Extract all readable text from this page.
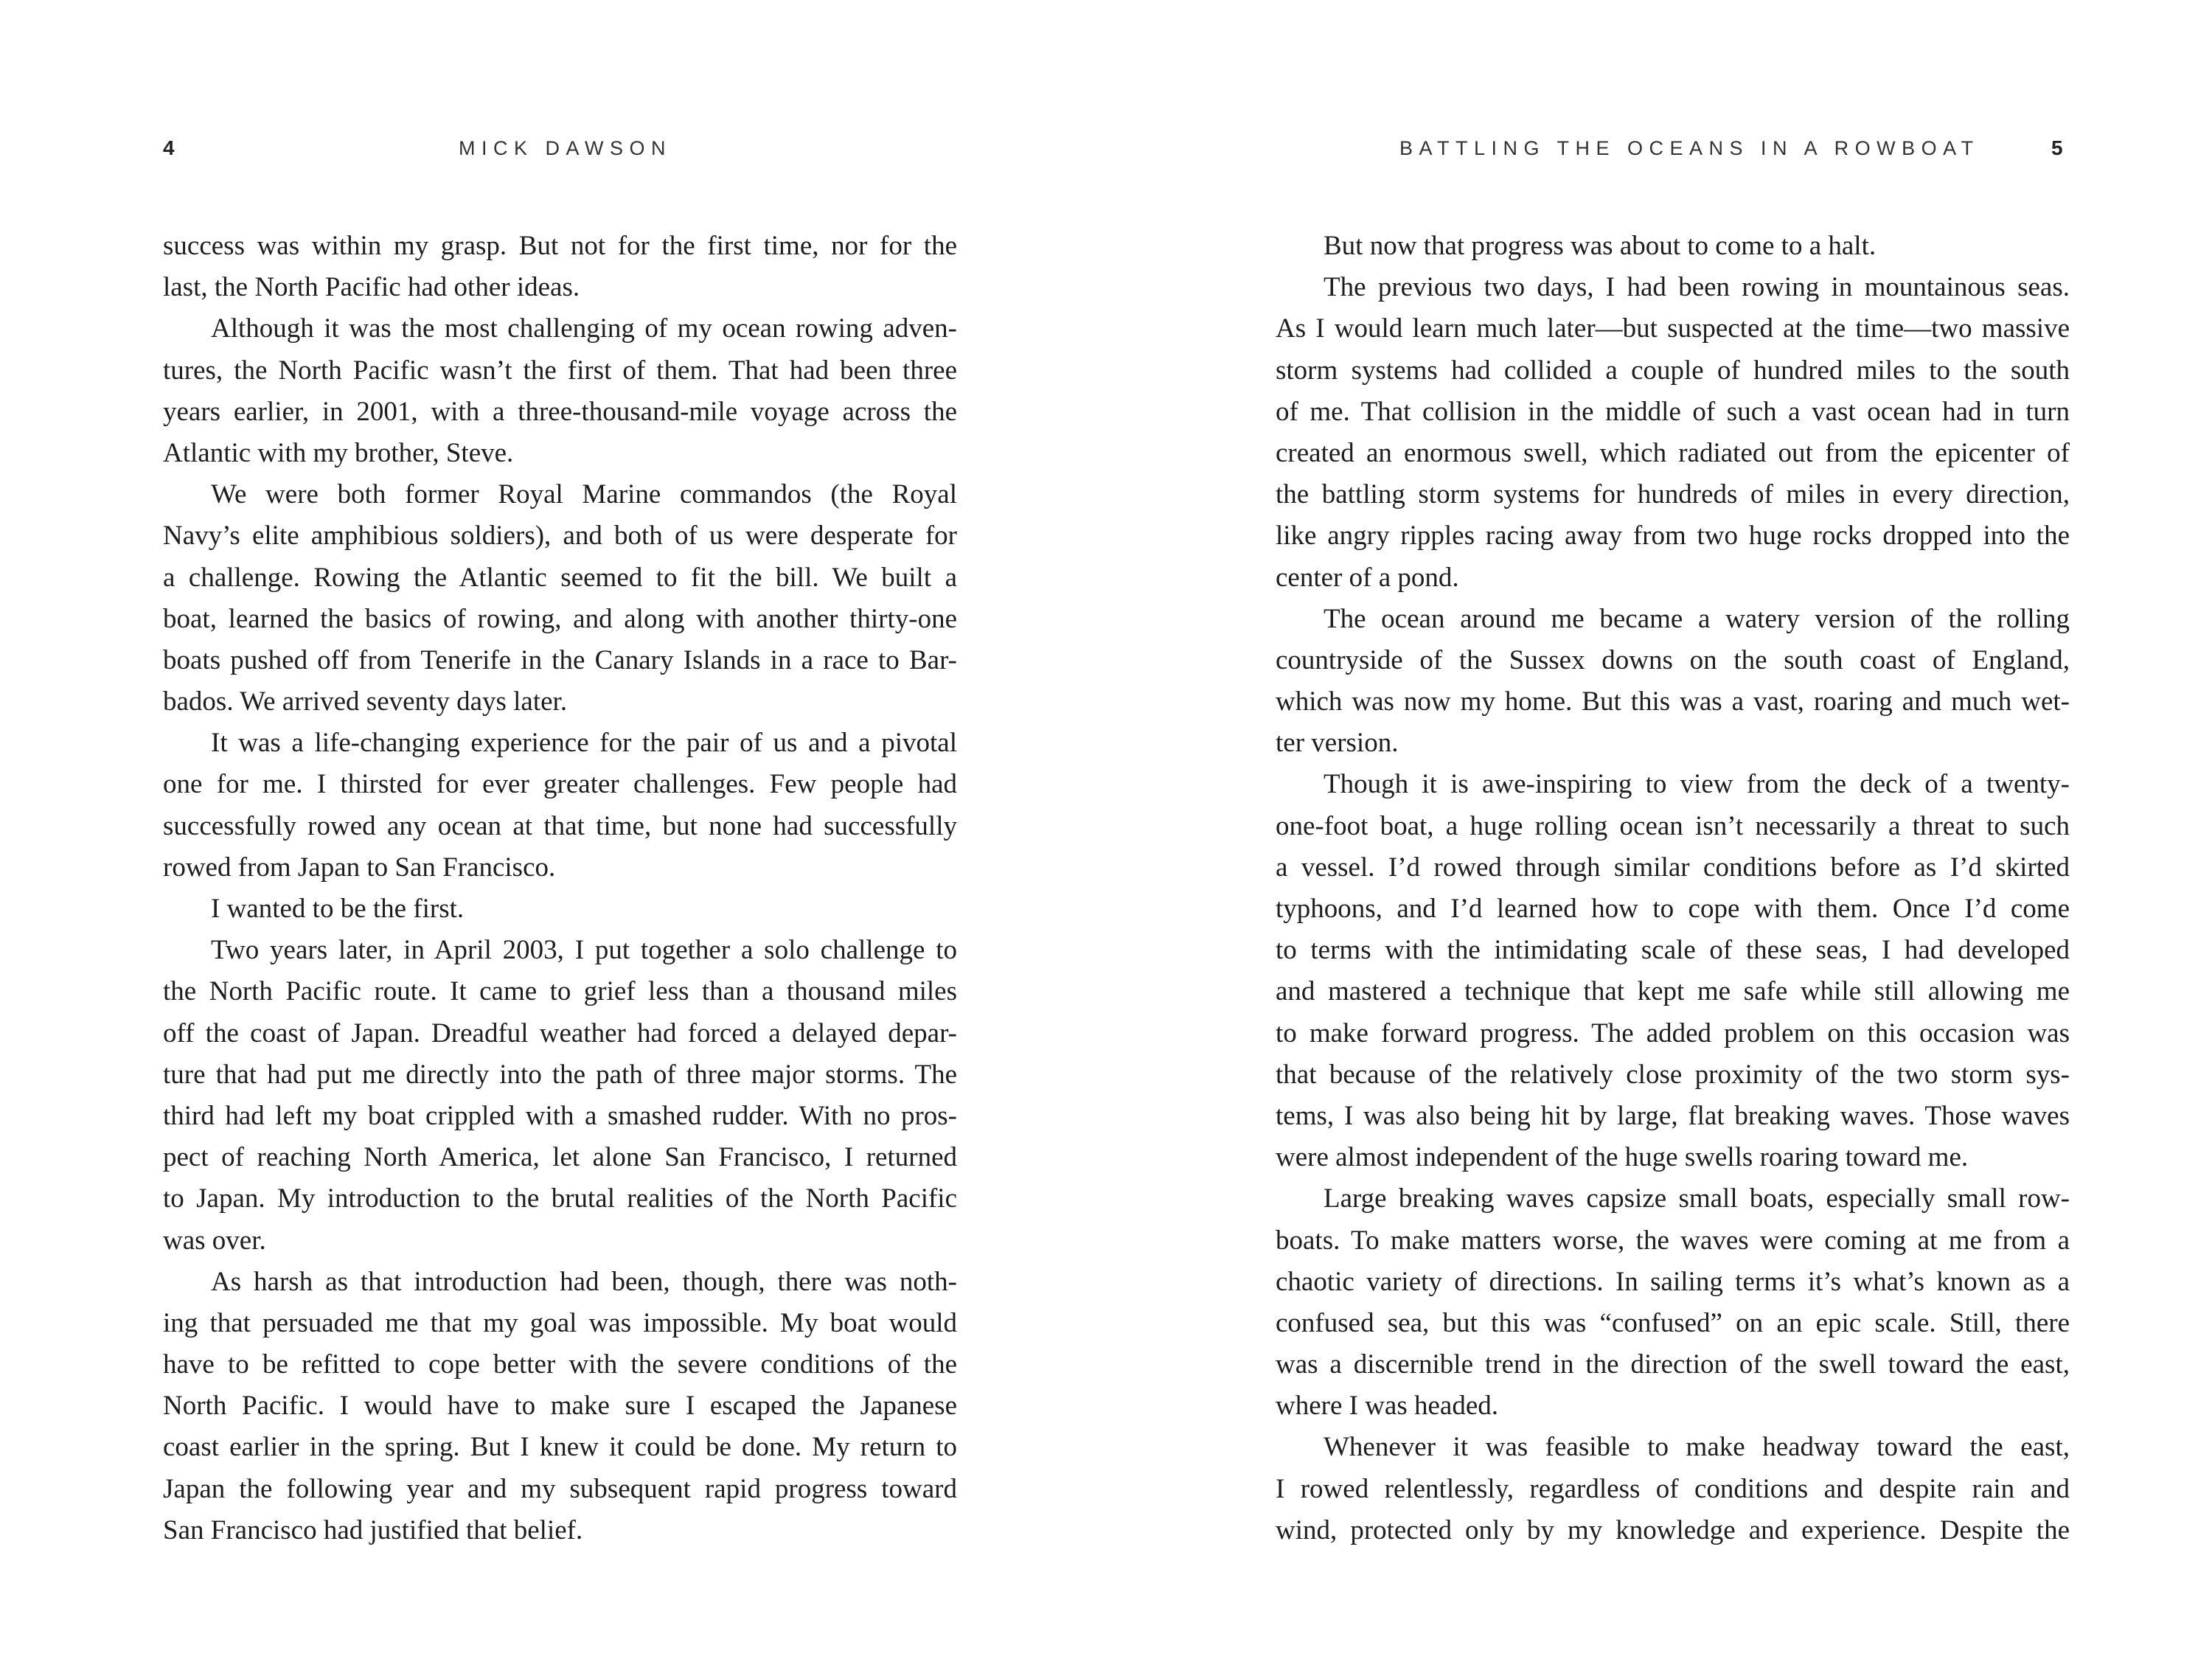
4	MICK DAWSON
success was within my grasp. But not for the first time, nor for the
last, the North Pacific had other ideas.
Although it was the most challenging of my ocean rowing adven-
tures, the North Pacific wasn’t the first of them. That had been three
years earlier, in 2001, with a three-thousand-mile voyage across the
Atlantic with my brother, Steve.
We were both former Royal Marine commandos (the Royal
Navy’s elite amphibious soldiers), and both of us were desperate for
a challenge. Rowing the Atlantic seemed to fit the bill. We built a
boat, learned the basics of rowing, and along with another thirty-one
boats pushed off from Tenerife in the Canary Islands in a race to Bar-
bados. We arrived seventy days later.
It was a life-changing experience for the pair of us and a pivotal
one for me. I thirsted for ever greater challenges. Few people had
successfully rowed any ocean at that time, but none had successfully
rowed from Japan to San Francisco.
I wanted to be the first.
Two years later, in April 2003, I put together a solo challenge to
the North Pacific route. It came to grief less than a thousand miles
off the coast of Japan. Dreadful weather had forced a delayed depar-
ture that had put me directly into the path of three major storms. The
third had left my boat crippled with a smashed rudder. With no pros-
pect of reaching North America, let alone San Francisco, I returned
to Japan. My introduction to the brutal realities of the North Pacific
was over.
As harsh as that introduction had been, though, there was noth-
ing that persuaded me that my goal was impossible. My boat would
have to be refitted to cope better with the severe conditions of the
North Pacific. I would have to make sure I escaped the Japanese
coast earlier in the spring. But I knew it could be done. My return to
Japan the following year and my subsequent rapid progress toward
San Francisco had justified that belief.
BATTLING THE OCEANS IN A ROWBOAT	5
But now that progress was about to come to a halt.
The previous two days, I had been rowing in mountainous seas.
As I would learn much later—but suspected at the time—two massive
storm systems had collided a couple of hundred miles to the south
of me. That collision in the middle of such a vast ocean had in turn
created an enormous swell, which radiated out from the epicenter of
the battling storm systems for hundreds of miles in every direction,
like angry ripples racing away from two huge rocks dropped into the
center of a pond.
The ocean around me became a watery version of the rolling
countryside of the Sussex downs on the south coast of England,
which was now my home. But this was a vast, roaring and much wet-
ter version.
Though it is awe-inspiring to view from the deck of a twenty-
one-foot boat, a huge rolling ocean isn’t necessarily a threat to such
a vessel. I’d rowed through similar conditions before as I’d skirted
typhoons, and I’d learned how to cope with them. Once I’d come
to terms with the intimidating scale of these seas, I had developed
and mastered a technique that kept me safe while still allowing me
to make forward progress. The added problem on this occasion was
that because of the relatively close proximity of the two storm sys-
tems, I was also being hit by large, flat breaking waves. Those waves
were almost independent of the huge swells roaring toward me.
Large breaking waves capsize small boats, especially small row-
boats. To make matters worse, the waves were coming at me from a
chaotic variety of directions. In sailing terms it’s what’s known as a
confused sea, but this was “confused” on an epic scale. Still, there
was a discernible trend in the direction of the swell toward the east,
where I was headed.
Whenever it was feasible to make headway toward the east,
I rowed relentlessly, regardless of conditions and despite rain and
wind, protected only by my knowledge and experience. Despite the
